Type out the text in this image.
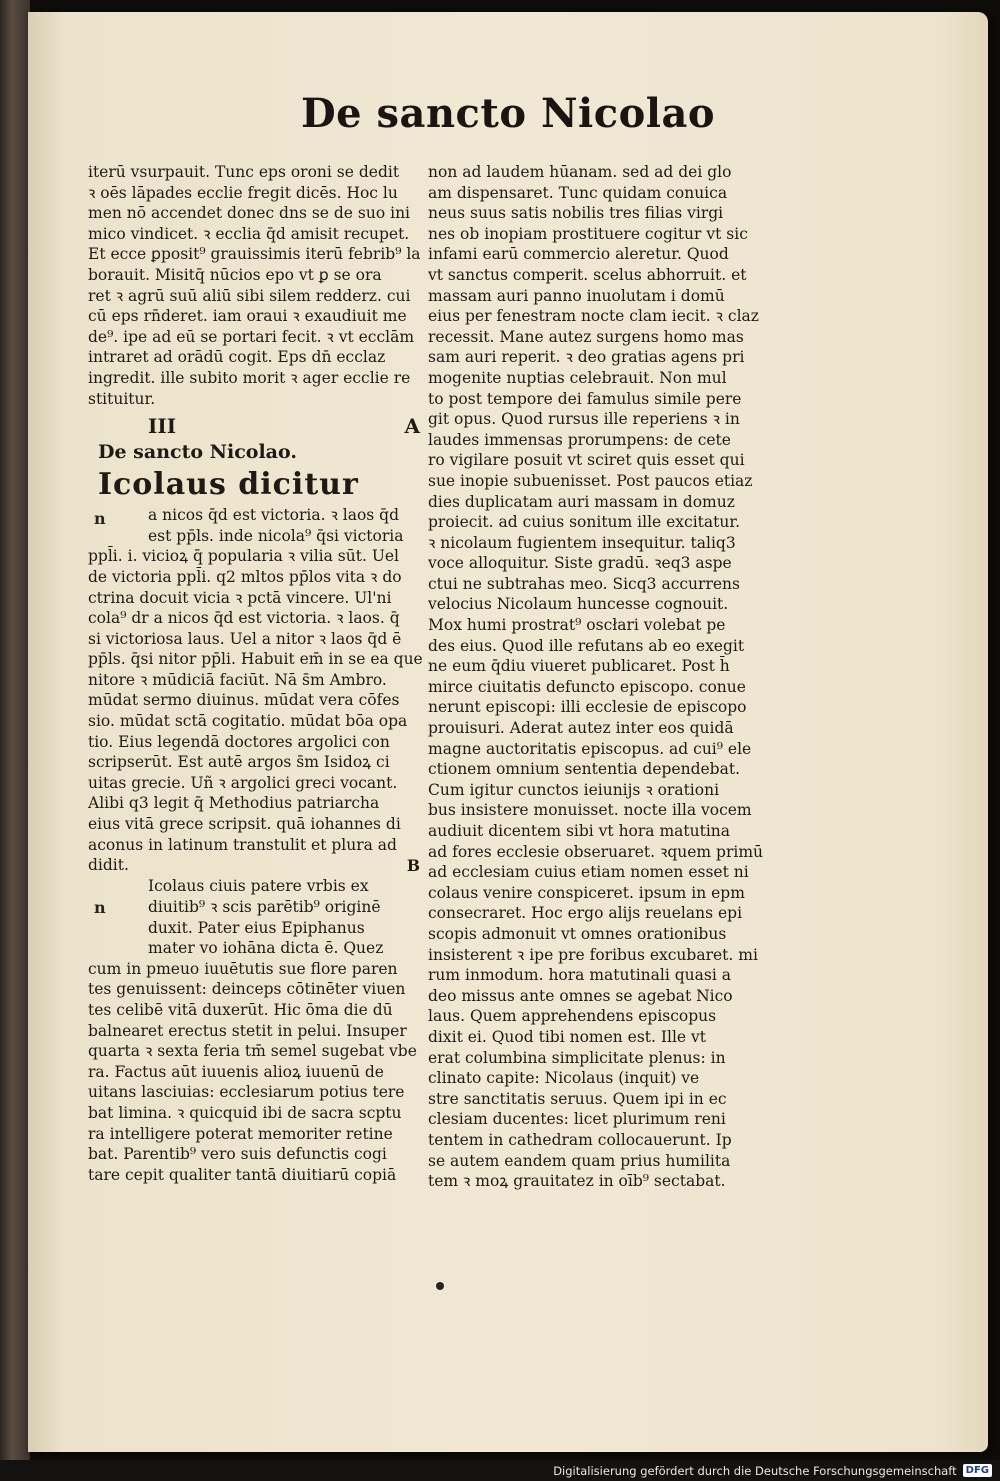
De sancto Nicolao
iterū vsurpauit. Tunc eps oroni se dedit
ꝛ oēs lāpades ecclie fregit dicēs. Hoc lu
men nō accendet donec dns se de suo ini
mico vindicet. ꝛ ecclia q̄d amisit recupet.
Et ecce ꝑposit⁹ grauissimis iterū febrib⁹ la
borauit. Misitq̄ nūcios epo vt ꝑ se ora
ret ꝛ agrū suū aliū sibi silem redderz. cui
cū eps rn̄deret. iam oraui ꝛ exaudiuit me
de⁹. ipe ad eū se portari fecit. ꝛ vt ecclām
intraret ad orādū cogit. Eps dn̄ ecclaz
ingredit. ille subito morit ꝛ ager ecclie re
stituitur.
III	A
De sancto Nicolao.
Icolaus dicitur
n	a nicos q̄d est victoria. ꝛ laos q̄d
est pp̄ls. inde nicola⁹ q̄si victoria
ppl̄i. i. vicioꝝ q̄ popularia ꝛ vilia sūt. Uel
de victoria ppl̄i. q2 mltos pp̄los vita ꝛ do
ctrina docuit vicia ꝛ pctā vincere. Ul'ni
cola⁹ dr a nicos q̄d est victoria. ꝛ laos. q̄
si victoriosa laus. Uel a nitor ꝛ laos q̄d ē
pp̄ls. q̄si nitor pp̄li. Habuit em̄ in se ea que
nitore ꝛ mūdiciā faciūt. Nā s̄m Ambro.
mūdat sermo diuinus. mūdat vera cōfes
sio. mūdat sctā cogitatio. mūdat bōa opa
tio. Eius legendā doctores argolici con
scripserūt. Est autē argos s̄m Isidoꝝ ci
uitas grecie. Uñ ꝛ argolici greci vocant.
Alibi q3 legit q̄ Methodius patriarcha
eius vitā grece scripsit. quā iohannes di
aconus in latinum transtulit et plura ad
didit.	B
n
Icolaus ciuis patere vrbis ex
diuitib⁹ ꝛ scis parētib⁹ originē
duxit. Pater eius Epiphanus
mater vo iohāna dicta ē. Quez
cum in pmeuo iuuētutis sue flore paren
tes genuissent: deinceps cōtinēter viuen
tes celibē vitā duxerūt. Hic ōma die dū
balnearet erectus stetit in pelui. Insuper
quarta ꝛ sexta feria tm̄ semel sugebat vbe
ra. Factus aūt iuuenis alioꝝ iuuenū de
uitans lasciuias: ecclesiarum potius tere
bat limina. ꝛ quicquid ibi de sacra scptu
ra intelligere poterat memoriter retine
bat. Parentib⁹ vero suis defunctis cogi
tare cepit qualiter tantā diuitiarū copiā
non ad laudem hūanam. sed ad dei glo
am dispensaret. Tunc quidam conuica
neus suus satis nobilis tres filias virgi
nes ob inopiam prostituere cogitur vt sic
infami earū commercio aleretur. Quod
vt sanctus comperit. scelus abhorruit. et
massam auri panno inuolutam i domū
eius per fenestram nocte clam iecit. ꝛ claz
recessit. Mane autez surgens homo mas
sam auri reperit. ꝛ deo gratias agens pri
mogenite nuptias celebrauit. Non mul
to post tempore dei famulus simile pere
git opus. Quod rursus ille reperiens ꝛ in
laudes immensas prorumpens: de cete
ro vigilare posuit vt sciret quis esset qui
sue inopie subuenisset. Post paucos etiaz
dies duplicatam auri massam in domuz
proiecit. ad cuius sonitum ille excitatur.
ꝛ nicolaum fugientem insequitur. taliq3
voce alloquitur. Siste gradū. ꝛeq3 aspe
ctui ne subtrahas meo. Sicq3 accurrens
velocius Nicolaum huncesse cognouit.
Mox humi prostrat⁹ oscłari volebat pe
des eius. Quod ille refutans ab eo exegit
ne eum q̄diu viueret publicaret. Post h̄
mirce ciuitatis defuncto episcopo. conue
nerunt episcopi: illi ecclesie de episcopo
prouisuri. Aderat autez inter eos quidā
magne auctoritatis episcopus. ad cui⁹ ele
ctionem omnium sententia dependebat.
Cum igitur cunctos ieiunijs ꝛ orationi
bus insistere monuisset. nocte illa vocem
audiuit dicentem sibi vt hora matutina
ad fores ecclesie obseruaret. ꝛquem primū
ad ecclesiam cuius etiam nomen esset ni
colaus venire conspiceret. ipsum in epm
consecraret. Hoc ergo alijs reuelans epi
scopis admonuit vt omnes orationibus
insisterent ꝛ ipe pre foribus excubaret. mi
rum inmodum. hora matutinali quasi a
deo missus ante omnes se agebat Nico
laus. Quem apprehendens episcopus
dixit ei. Quod tibi nomen est. Ille vt
erat columbina simplicitate plenus: in
clinato capite: Nicolaus (inquit) ve
stre sanctitatis seruus. Quem ipi in ec
clesiam ducentes: licet plurimum reni
tentem in cathedram collocauerunt. Ip
se autem eandem quam prius humilita
tem ꝛ moꝝ grauitatez in oīb⁹ sectabat.
Digitalisierung gefördert durch die Deutsche Forschungsgemeinschaft DFG
